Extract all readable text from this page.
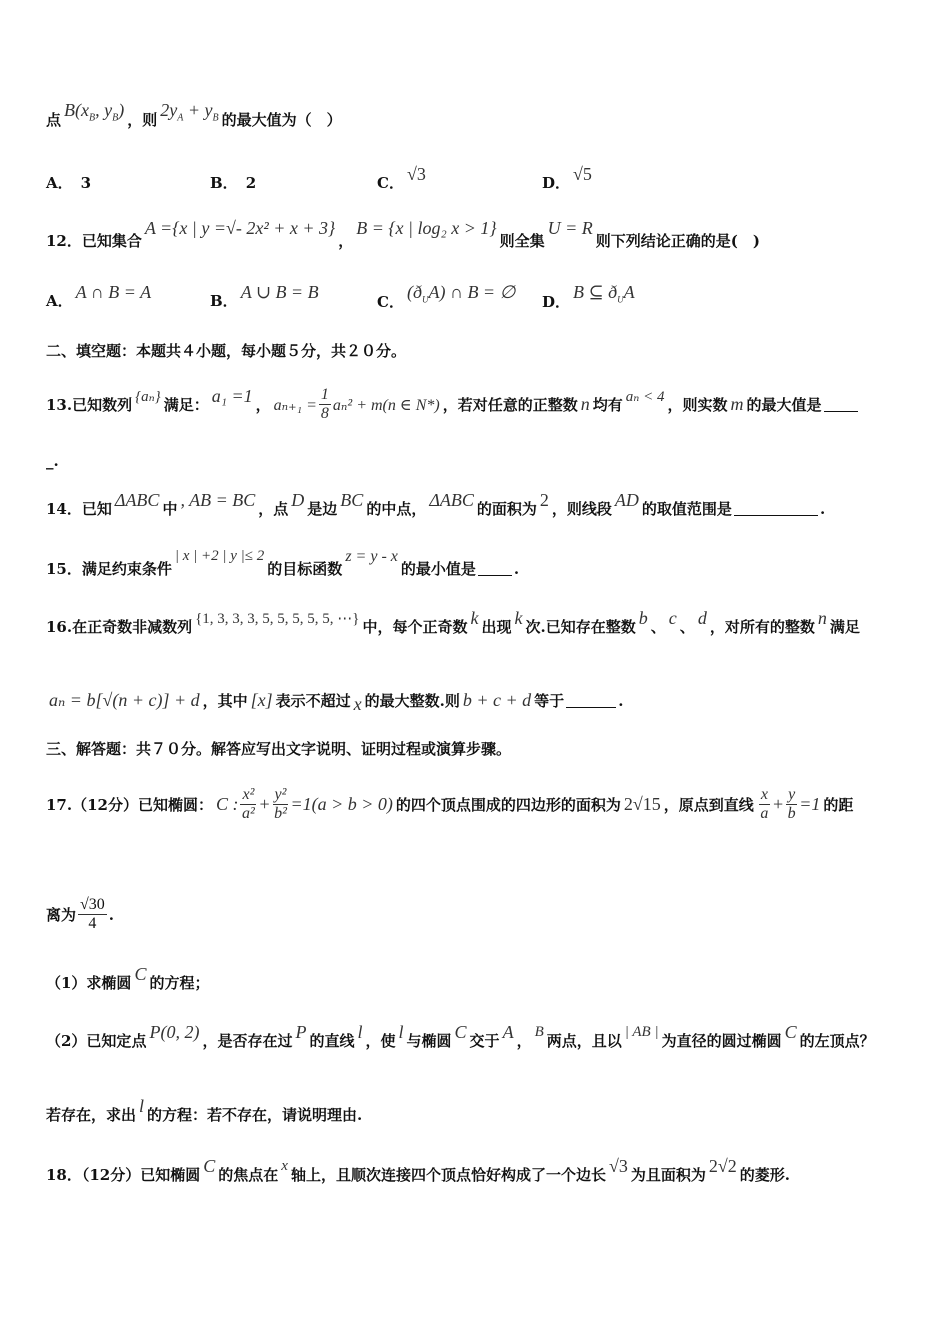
点
$B(x_B$, $y_B$)
，则
$2y_A + y_B$ 的最大值为（　）
A． 3	B． 2	C． √3	D． √5
12．已知集合
A ={x | y =√- 2x² + x + 3}
，
B = {x | log₂ x > 1}
则全集
U = R
则下列结论正确的是(　)
A． A ∩ B = A	B． A ∪ B = B	C． $(ð_UA)$ ∩ B = ∅ D． B ⊆ $ð_UA$
二、填空题：本题共４小题，每小题５分，共２０分。
13.已知数列 {aₙ} 满足： a₁ =1 ， $a_{n+1} = \frac{1}{8} a_n^2 + m(n$ ∈ N*) ，若对任意的正整数 n 均有 aₙ < 4 ，则实数 m 的最大值是
_.
14．已知 ΔABC 中 , AB = BC ，点 D 是边 BC 的中点， ΔABC 的面积为 2 ，则线段 AD 的取值范围是	.
15．满足约束条件
| x | +2 | y |≤ 2
的目标函数
z = y - x
的最小值是	.
16.在正奇数非减数列 {1, 3, 3, 3, 5, 5, 5, 5, 5, ⋯} 中，每个正奇数 k 出现 k 次.已知存在整数 b 、 c 、 d ，对所有的整数 n 满足
aₙ = b[√(n + c)] + d ，其中 [x] 表示不超过 x 的最大整数.则 b + c + d 等于	.
三、解答题：共７０分。解答应写出文字说明、证明过程或演算步骤。
17.（12分）已知椭圆： C : $\frac{\text{x²}}{\text{a²}} + \frac{\text{y²}}{\text{b²}} =1(a > b > 0)$ 的四个顶点围成的四边形的面积为 2√15 ，原点到直线 $\frac{x}{a} + \frac{y}{b} =1$ 的距
离为 $\frac{√30}{4}$ .
（1）求椭圆 C 的方程；
（2）已知定点 P(0, 2) ，是否存在过 P 的直线 l ，使 l 与椭圆 C 交于 A ， B 两点，且以 | AB | 为直径的圆过椭圆 C 的左顶点？
若存在，求出 l 的方程：若不存在，请说明理由.
18．（12分）已知椭圆 C 的焦点在 x 轴上，且顺次连接四个顶点恰好构成了一个边长 √3 为且面积为 2√2 的菱形.
